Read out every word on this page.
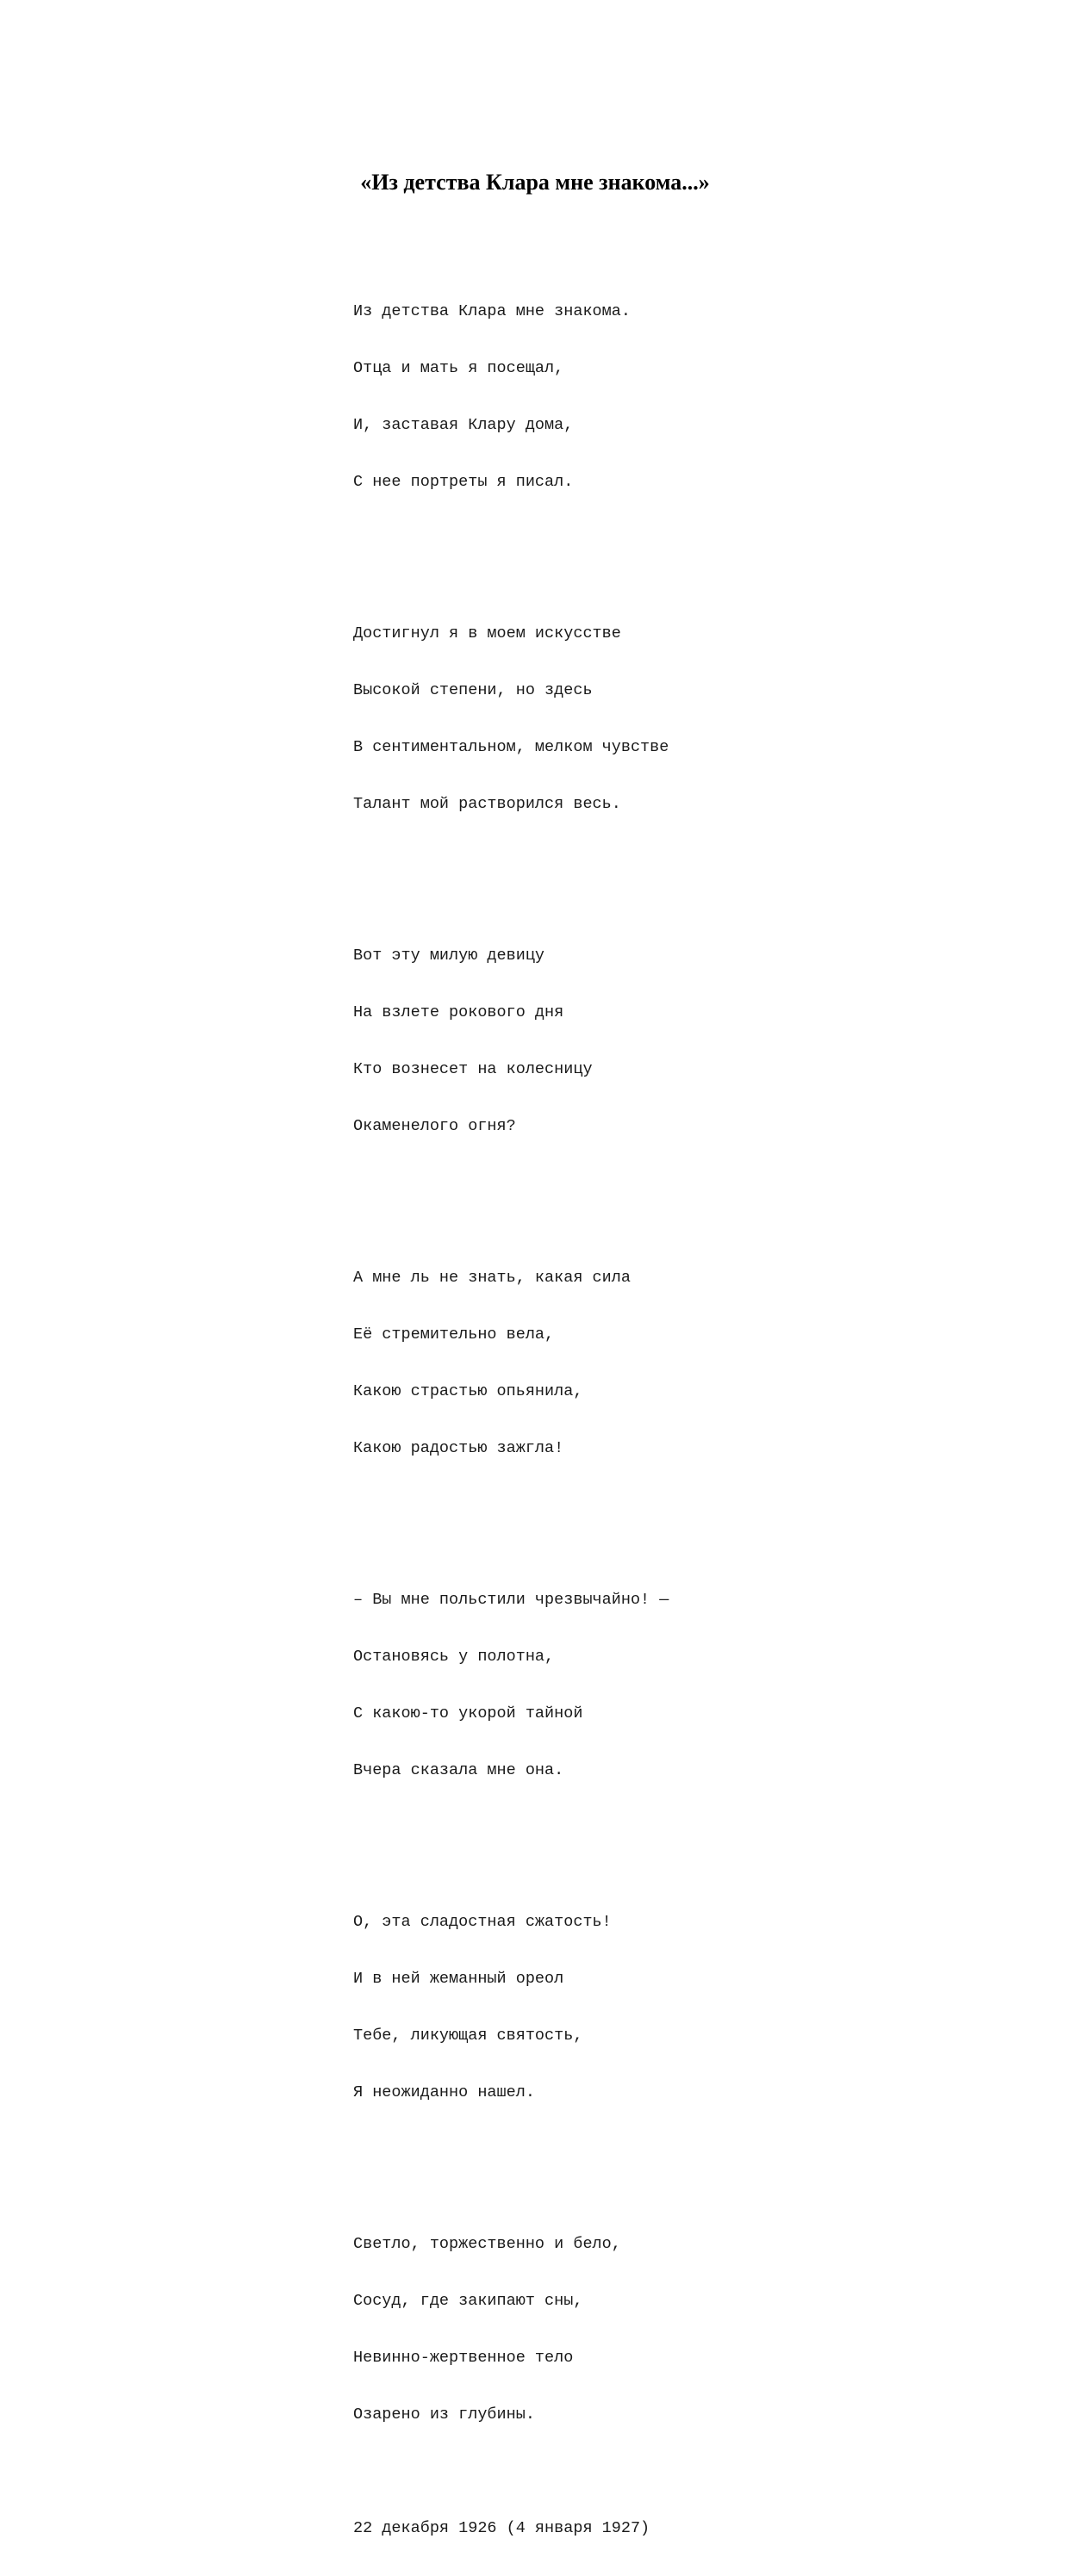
«Из детства Клара мне знакома...»

Из детства Клара мне знакома.

Отца и мать я посещал,

И, заставая Клару дома,

С нее портреты я писал.

Достигнул я в моем искусстве

Высокой степени, но здесь

В сентиментальном, мелком чувстве

Талант мой растворился весь.

Вот эту милую девицу

На взлете рокового дня

Кто вознесет на колесницу

Окаменелого огня?

А мне ль не знать, какая сила

Её стремительно вела,

Какою страстью опьянила,

Какою радостью зажгла!

– Вы мне польстили чрезвычайно! —

Остановясь у полотна,

С какою-то укорой тайной

Вчера сказала мне она.

О, эта сладостная сжатость!

И в ней жеманный ореол

Тебе, ликующая святость,

Я неожиданно нашел.

Светло, торжественно и бело,

Сосуд, где закипают сны,

Невинно-жертвенное тело

Озарено из глубины.

22 декабря 1926 (4 января 1927)
